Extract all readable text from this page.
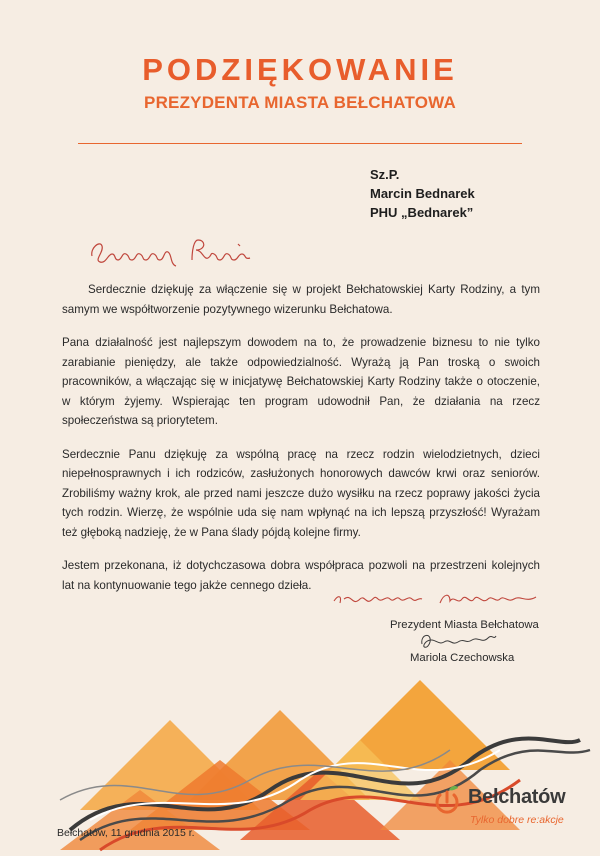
PODZIĘKOWANIE
PREZYDENTA MIASTA BEŁCHATOWA
Sz.P.
Marcin Bednarek
PHU „Bednarek”

Serdecznie dziękuję za włączenie się w projekt Bełchatowskiej Karty Rodziny, a tym samym we współtworzenie pozytywnego wizerunku Bełchatowa.

Pana działalność jest najlepszym dowodem na to, że prowadzenie biznesu to nie tylko zarabianie pieniędzy, ale także odpowiedzialność. Wyrażą ją Pan troską o swoich pracowników, a włączając się w inicjatywę Bełchatowskiej Karty Rodziny także o otoczenie, w którym żyjemy. Wspierając ten program udowodnił Pan, że działania na rzecz społeczeństwa są priorytetem.

Serdecznie Panu dziękuję za wspólną pracę na rzecz rodzin wielodzietnych, dzieci niepełnosprawnych i ich rodziców, zasłużonych honorowych dawców krwi oraz seniorów. Zrobiliśmy ważny krok, ale przed nami jeszcze dużo wysiłku na rzecz poprawy jakości życia tych rodzin. Wierzę, że wspólnie uda się nam wpłynąć na ich lepszą przyszłość! Wyrażam też głęboką nadzieję, że w Pana ślady pójdą kolejne firmy.

Jestem przekonana, iż dotychczasowa dobra współpraca pozwoli na przestrzeni kolejnych lat na kontynuowanie tego jakże cennego dzieła.

Prezydent Miasta Bełchatowa
Mariola Czechowska
Bełchatów, 11 grudnia 2015 r.
Bełchatów
Tylko dobre re:akcje
